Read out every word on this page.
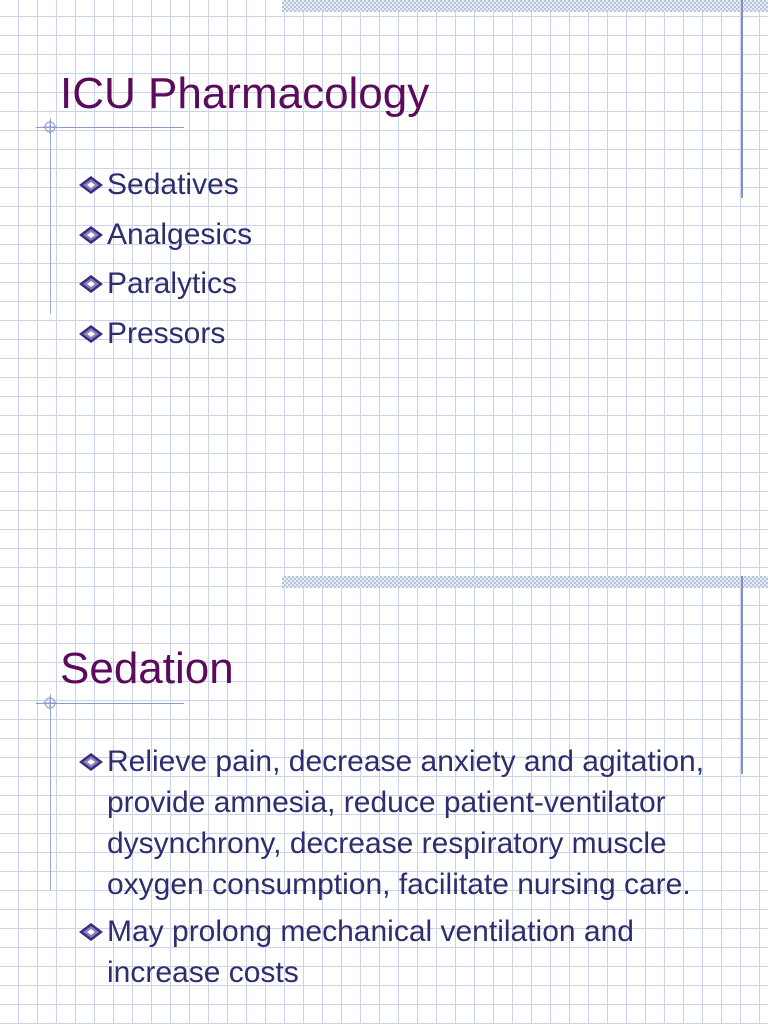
ICU Pharmacology
Sedatives
Analgesics
Paralytics
Pressors
Sedation
Relieve pain, decrease anxiety and agitation, provide amnesia, reduce patient-ventilator dysynchrony, decrease respiratory muscle oxygen consumption, facilitate nursing care.
May prolong mechanical ventilation and increase costs
